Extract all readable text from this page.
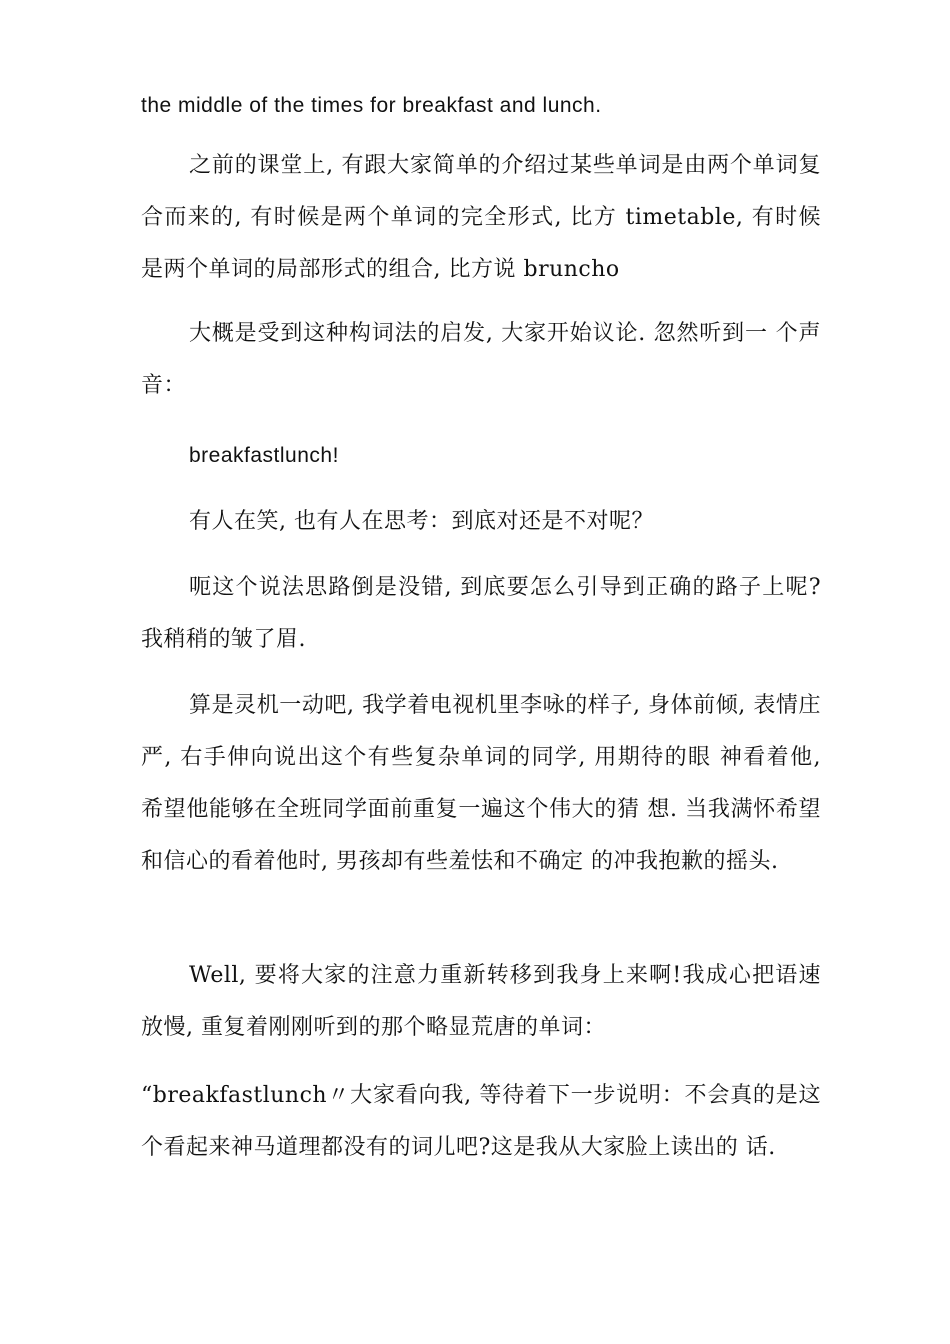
the middle of the times for breakfast and lunch.

之前的课堂上, 有跟大家简单的介绍过某些单词是由两个单词复合而来的, 有时候是两个单词的完全形式, 比方 timetable, 有时候是两个单词的局部形式的组合, 比方说 bruncho

大概是受到这种构词法的启发, 大家开始议论. 忽然听到一 个声音：

breakfastlunch!

有人在笑, 也有人在思考：到底对还是不对呢？

呃这个说法思路倒是没错, 到底要怎么引导到正确的路子上呢?我稍稍的皱了眉.

算是灵机一动吧, 我学着电视机里李咏的样子, 身体前倾, 表情庄严, 右手伸向说出这个有些复杂单词的同学, 用期待的眼 神看着他, 希望他能够在全班同学面前重复一遍这个伟大的猜 想. 当我满怀希望和信心的看着他时, 男孩却有些羞怯和不确定 的冲我抱歉的摇头.

Well, 要将大家的注意力重新转移到我身上来啊!我成心把语速放慢, 重复着刚刚听到的那个略显荒唐的单词：

“breakfastlunch〃大家看向我, 等待着下一步说明：不会真的是这个看起来神马道理都没有的词儿吧?这是我从大家脸上读出的 话.
